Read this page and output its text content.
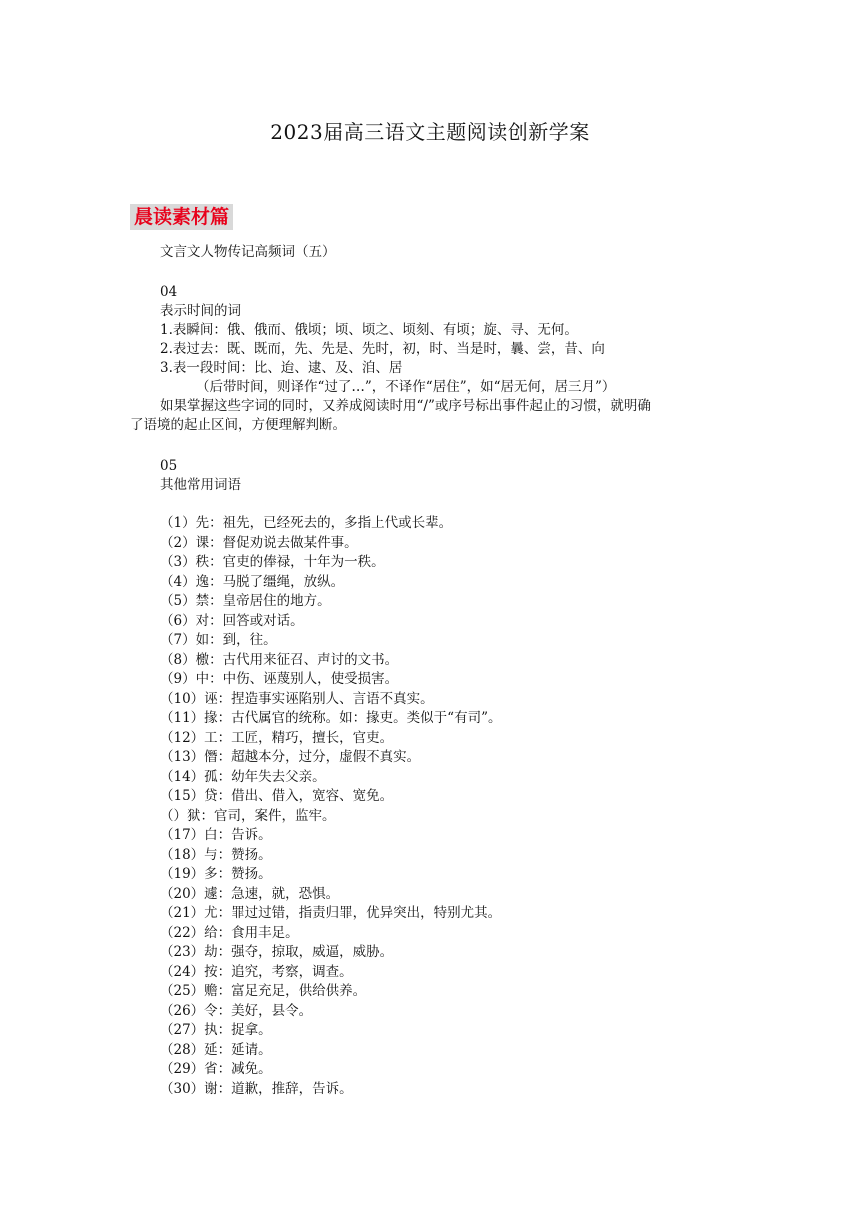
2023届高三语文主题阅读创新学案
晨读素材篇
文言文人物传记高频词（五）
04
表示时间的词
1.表瞬间：俄、俄而、俄顷；顷、顷之、顷刻、有顷；旋、寻、无何。
2.表过去：既、既而，先、先是、先时，初，时、当是时，曩、尝，昔、向
3.表一段时间：比、迨、逮、及、洎、居
（后带时间，则译作“过了…”，不译作“居住”，如“居无何，居三月”）
如果掌握这些字词的同时，又养成阅读时用“/”或序号标出事件起止的习惯，就明确
了语境的起止区间，方便理解判断。
05
其他常用词语
（1）先：祖先，已经死去的，多指上代或长辈。
（2）课：督促劝说去做某件事。
（3）秩：官吏的俸禄，十年为一秩。
（4）逸：马脱了缰绳，放纵。
（5）禁：皇帝居住的地方。
（6）对：回答或对话。
（7）如：到，往。
（8）檄：古代用来征召、声讨的文书。
（9）中：中伤、诬蔑别人，使受损害。
（10）诬：捏造事实诬陷别人、言语不真实。
（11）掾：古代属官的统称。如：掾吏。类似于“有司”。
（12）工：工匠，精巧，擅长，官吏。
（13）僭：超越本分，过分，虚假不真实。
（14）孤：幼年失去父亲。
（15）贷：借出、借入，宽容、宽免。
（）狱：官司，案件，监牢。
（17）白：告诉。
（18）与：赞扬。
（19）多：赞扬。
（20）遽：急速，就，恐惧。
（21）尤：罪过过错，指责归罪，优异突出，特别尤其。
（22）给：食用丰足。
（23）劫：强夺，掠取，威逼，威胁。
（24）按：追究，考察，调查。
（25）赡：富足充足，供给供养。
（26）令：美好，县令。
（27）执：捉拿。
（28）延：延请。
（29）省：减免。
（30）谢：道歉，推辞，告诉。
